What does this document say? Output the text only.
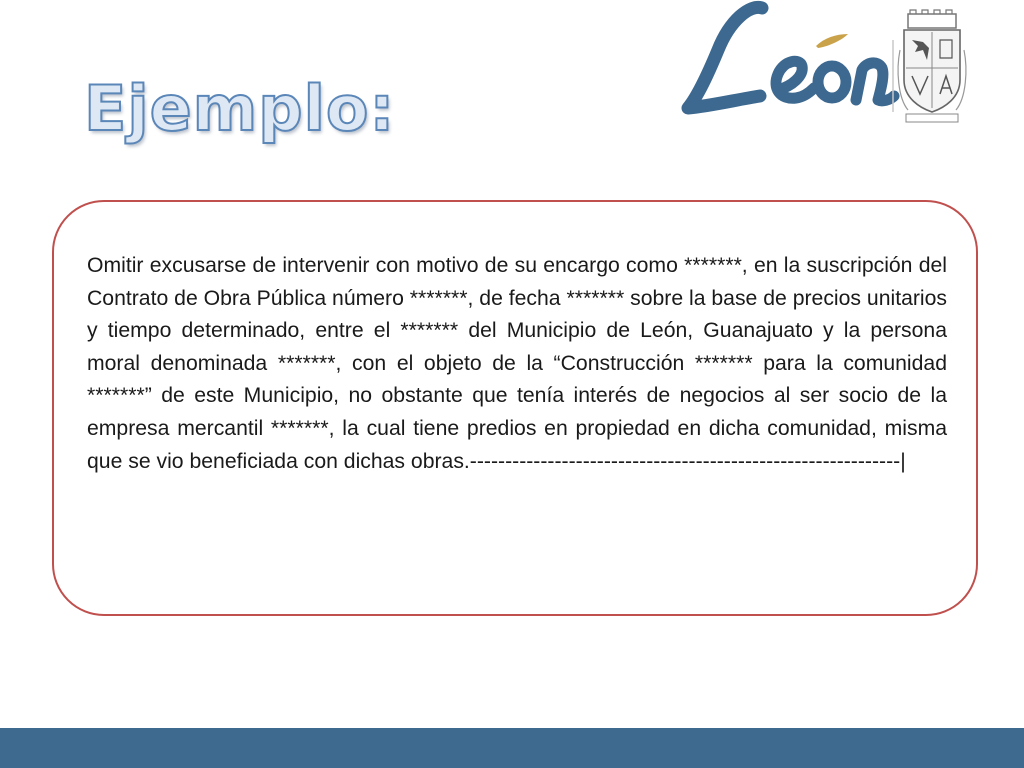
Ejemplo:

Omitir excusarse de intervenir con motivo de su encargo como *******, en la suscripción del Contrato de Obra Pública número *******, de fecha ******* sobre la base de precios unitarios y tiempo determinado, entre el ******* del Municipio de León, Guanajuato y la persona moral denominada *******, con el objeto de la “Construcción ******* para la comunidad *******” de este Municipio, no obstante que tenía interés de negocios al ser socio de la empresa mercantil *******, la cual tiene predios en propiedad en dicha comunidad, misma que se vio beneficiada con dichas obras.-------------------------------------------------------------|
